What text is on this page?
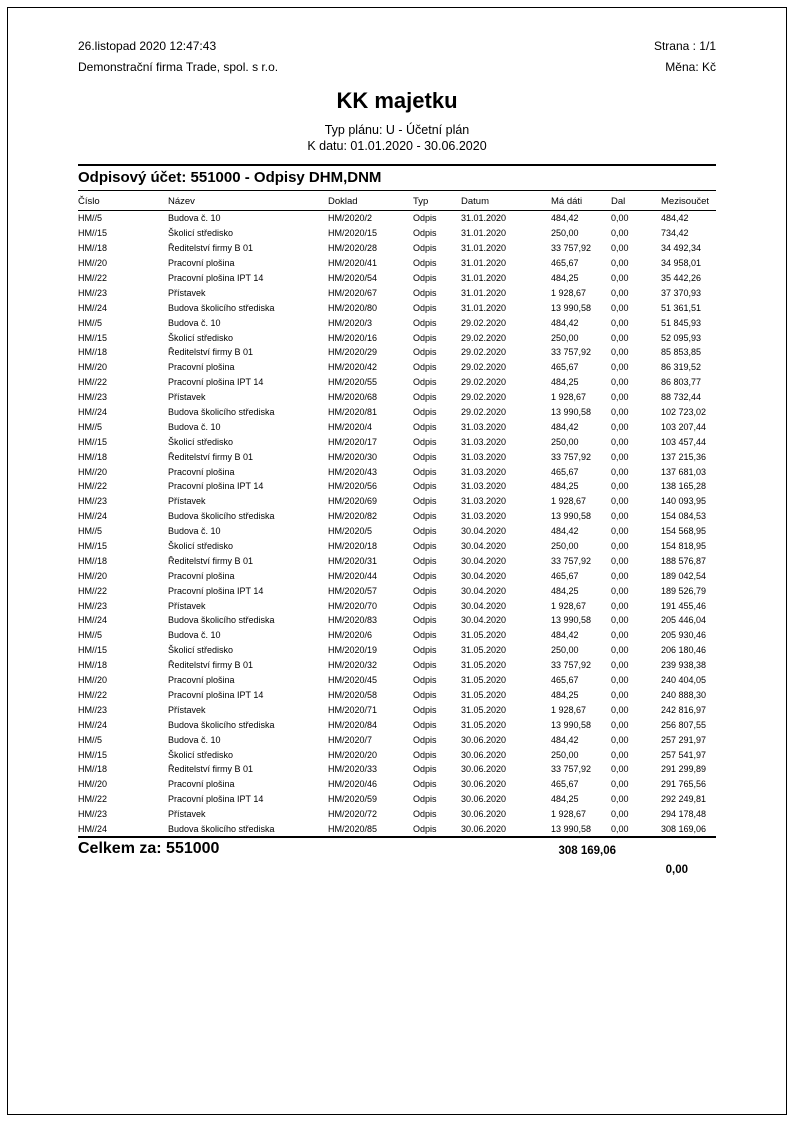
26.listopad 2020 12:47:43	Strana : 1/1
Demonstrační firma Trade, spol. s r.o.	Měna: Kč
KK majetku
Typ plánu: U - Účetní plán
K datu: 01.01.2020 - 30.06.2020
Odpisový účet: 551000 - Odpisy DHM,DNM
Číslo	Název	Doklad	Typ	Datum	Má dáti	Dal	Mezisoučet
HM//5	Budova č. 10	HM/2020/2	Odpis	31.01.2020	484,42	0,00	484,42
HM//15	Školicí středisko	HM/2020/15	Odpis	31.01.2020	250,00	0,00	734,42
HM//18	Ředitelství firmy B 01	HM/2020/28	Odpis	31.01.2020	33 757,92	0,00	34 492,34
HM//20	Pracovní plošina	HM/2020/41	Odpis	31.01.2020	465,67	0,00	34 958,01
HM//22	Pracovní plošina IPT 14	HM/2020/54	Odpis	31.01.2020	484,25	0,00	35 442,26
HM//23	Přístavek	HM/2020/67	Odpis	31.01.2020	1 928,67	0,00	37 370,93
HM//24	Budova školicího střediska	HM/2020/80	Odpis	31.01.2020	13 990,58	0,00	51 361,51
HM//5	Budova č. 10	HM/2020/3	Odpis	29.02.2020	484,42	0,00	51 845,93
HM//15	Školicí středisko	HM/2020/16	Odpis	29.02.2020	250,00	0,00	52 095,93
HM//18	Ředitelství firmy B 01	HM/2020/29	Odpis	29.02.2020	33 757,92	0,00	85 853,85
HM//20	Pracovní plošina	HM/2020/42	Odpis	29.02.2020	465,67	0,00	86 319,52
HM//22	Pracovní plošina IPT 14	HM/2020/55	Odpis	29.02.2020	484,25	0,00	86 803,77
HM//23	Přístavek	HM/2020/68	Odpis	29.02.2020	1 928,67	0,00	88 732,44
HM//24	Budova školicího střediska	HM/2020/81	Odpis	29.02.2020	13 990,58	0,00	102 723,02
HM//5	Budova č. 10	HM/2020/4	Odpis	31.03.2020	484,42	0,00	103 207,44
HM//15	Školicí středisko	HM/2020/17	Odpis	31.03.2020	250,00	0,00	103 457,44
HM//18	Ředitelství firmy B 01	HM/2020/30	Odpis	31.03.2020	33 757,92	0,00	137 215,36
HM//20	Pracovní plošina	HM/2020/43	Odpis	31.03.2020	465,67	0,00	137 681,03
HM//22	Pracovní plošina IPT 14	HM/2020/56	Odpis	31.03.2020	484,25	0,00	138 165,28
HM//23	Přístavek	HM/2020/69	Odpis	31.03.2020	1 928,67	0,00	140 093,95
HM//24	Budova školicího střediska	HM/2020/82	Odpis	31.03.2020	13 990,58	0,00	154 084,53
HM//5	Budova č. 10	HM/2020/5	Odpis	30.04.2020	484,42	0,00	154 568,95
HM//15	Školicí středisko	HM/2020/18	Odpis	30.04.2020	250,00	0,00	154 818,95
HM//18	Ředitelství firmy B 01	HM/2020/31	Odpis	30.04.2020	33 757,92	0,00	188 576,87
HM//20	Pracovní plošina	HM/2020/44	Odpis	30.04.2020	465,67	0,00	189 042,54
HM//22	Pracovní plošina IPT 14	HM/2020/57	Odpis	30.04.2020	484,25	0,00	189 526,79
HM//23	Přístavek	HM/2020/70	Odpis	30.04.2020	1 928,67	0,00	191 455,46
HM//24	Budova školicího střediska	HM/2020/83	Odpis	30.04.2020	13 990,58	0,00	205 446,04
HM//5	Budova č. 10	HM/2020/6	Odpis	31.05.2020	484,42	0,00	205 930,46
HM//15	Školicí středisko	HM/2020/19	Odpis	31.05.2020	250,00	0,00	206 180,46
HM//18	Ředitelství firmy B 01	HM/2020/32	Odpis	31.05.2020	33 757,92	0,00	239 938,38
HM//20	Pracovní plošina	HM/2020/45	Odpis	31.05.2020	465,67	0,00	240 404,05
HM//22	Pracovní plošina IPT 14	HM/2020/58	Odpis	31.05.2020	484,25	0,00	240 888,30
HM//23	Přístavek	HM/2020/71	Odpis	31.05.2020	1 928,67	0,00	242 816,97
HM//24	Budova školicího střediska	HM/2020/84	Odpis	31.05.2020	13 990,58	0,00	256 807,55
HM//5	Budova č. 10	HM/2020/7	Odpis	30.06.2020	484,42	0,00	257 291,97
HM//15	Školicí středisko	HM/2020/20	Odpis	30.06.2020	250,00	0,00	257 541,97
HM//18	Ředitelství firmy B 01	HM/2020/33	Odpis	30.06.2020	33 757,92	0,00	291 299,89
HM//20	Pracovní plošina	HM/2020/46	Odpis	30.06.2020	465,67	0,00	291 765,56
HM//22	Pracovní plošina IPT 14	HM/2020/59	Odpis	30.06.2020	484,25	0,00	292 249,81
HM//23	Přístavek	HM/2020/72	Odpis	30.06.2020	1 928,67	0,00	294 178,48
HM//24	Budova školicího střediska	HM/2020/85	Odpis	30.06.2020	13 990,58	0,00	308 169,06
Celkem za: 551000	308 169,06
0,00
